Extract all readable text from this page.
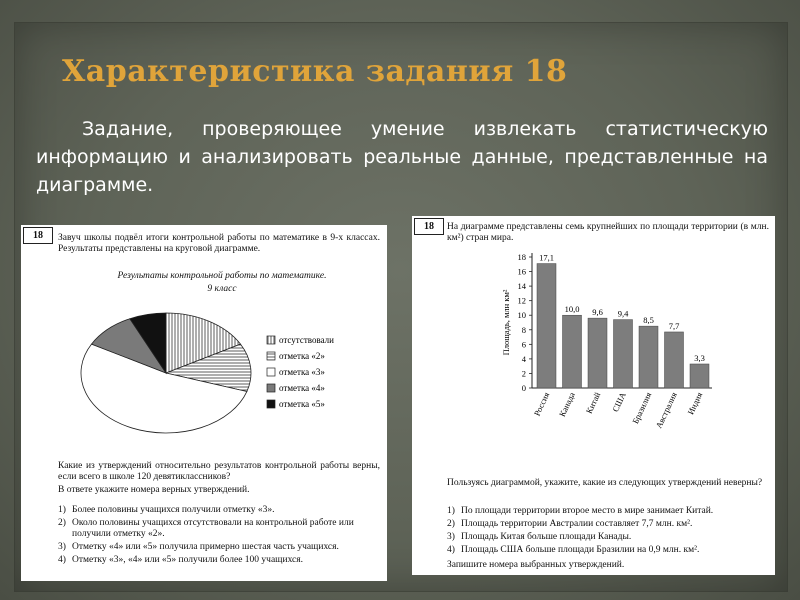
Характеристика задания 18
Задание, проверяющее умение извлекать статистическую информацию и анализировать реальные данные, представленные на диаграмме.
18	Завуч школы подвёл итоги контрольной работы по математике в 9-х классах. Результаты представлены на круговой диаграмме.
Результаты контрольной работы по математике.
9 класс
отсутствовали
отметка «2»
отметка «3»
отметка «4»
отметка «5»
Какие из утверждений относительно результатов контрольной работы верны, если всего в школе 120 девятиклассников?
В ответе укажите номера верных утверждений.
1) Более половины учащихся получили отметку «3».
2) Около половины учащихся отсутствовали на контрольной работе или получили отметку «2».
3) Отметку «4» или «5» получила примерно шестая часть учащихся.
4) Отметку «3», «4» или «5» получили более 100 учащихся.
18	На диаграмме представлены семь крупнейших по площади территории (в млн. км²) стран мира.
0
2
4
6
8
10
12
14
16
18
Площадь, млн км²
17,1
Россия
10,0
Канада
9,6
Китай
9,4
США
8,5
Бразилия
7,7
Австралия
3,3
Индия
Пользуясь диаграммой, укажите, какие из следующих утверждений неверны?
1) По площади территории второе место в мире занимает Китай.
2) Площадь территории Австралии составляет 7,7 млн. км².
3) Площадь Китая больше площади Канады.
4) Площадь США больше площади Бразилии на 0,9 млн. км².
Запишите номера выбранных утверждений.
